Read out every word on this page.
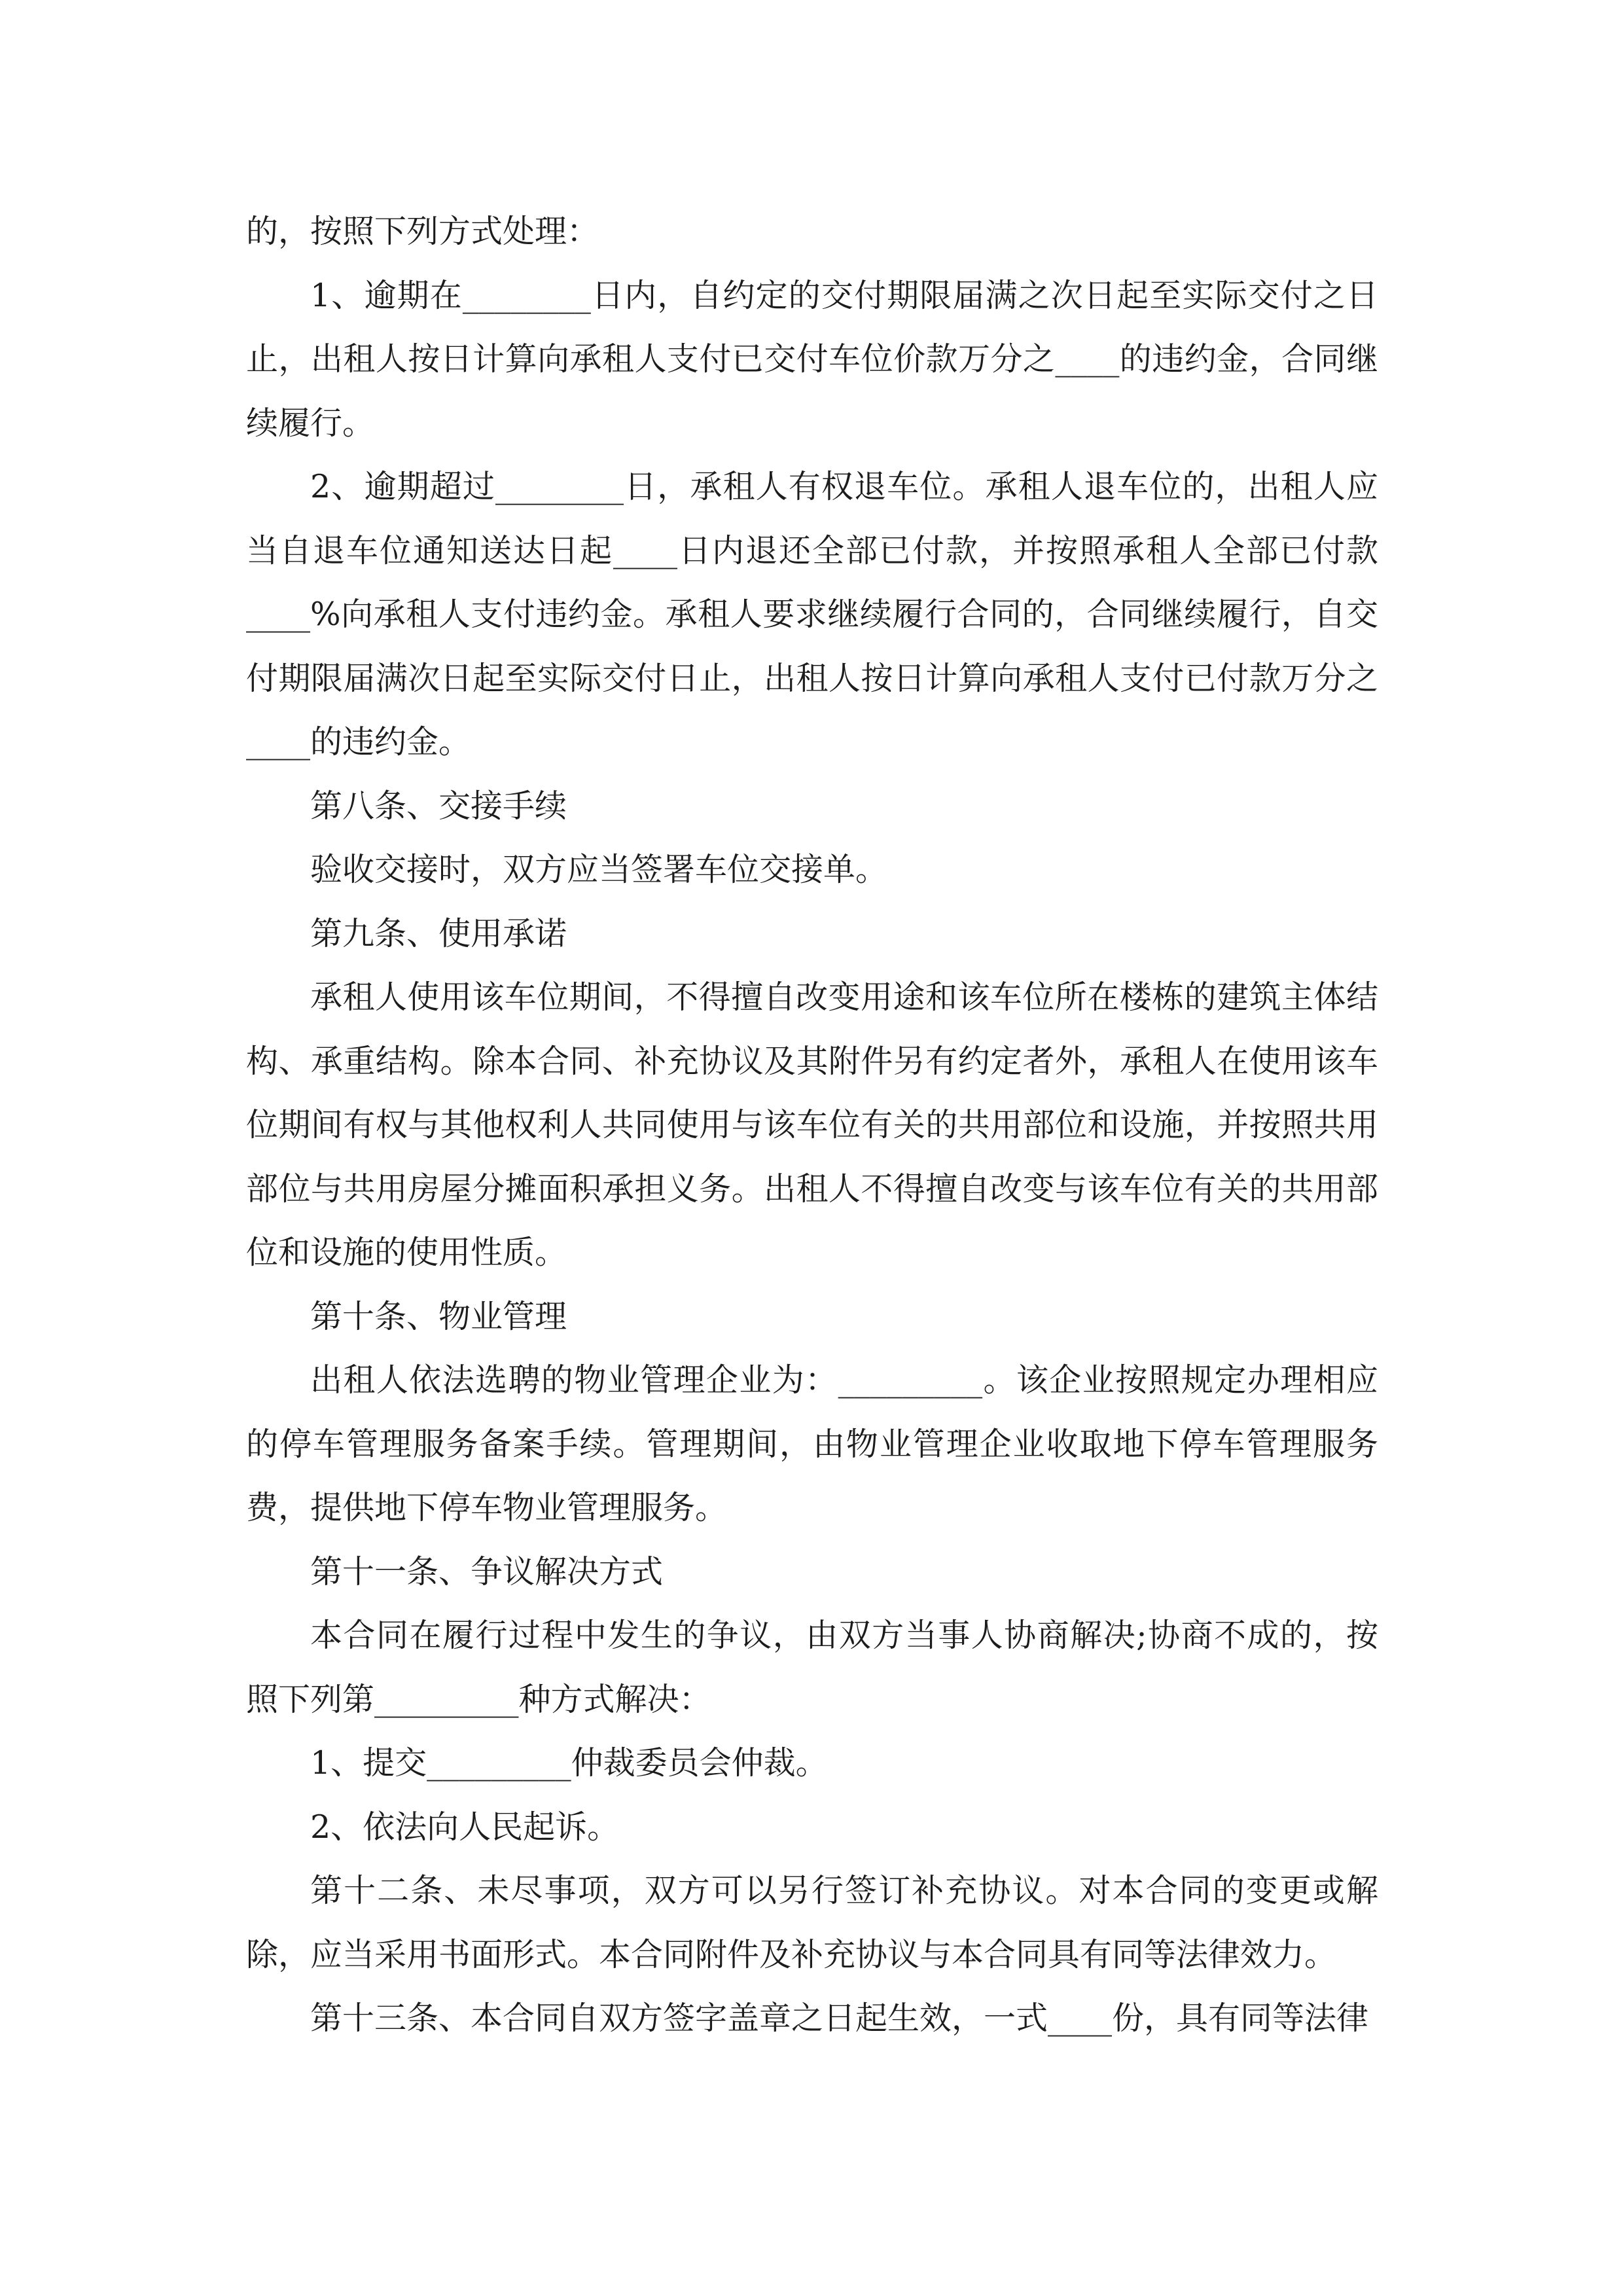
的，按照下列方式处理：

1、逾期在________日内，自约定的交付期限届满之次日起至实际交付之日止，出租人按日计算向承租人支付已交付车位价款万分之____的违约金，合同继续履行。

2、逾期超过________日，承租人有权退车位。承租人退车位的，出租人应当自退车位通知送达日起____日内退还全部已付款，并按照承租人全部已付款____%向承租人支付违约金。承租人要求继续履行合同的，合同继续履行，自交付期限届满次日起至实际交付日止，出租人按日计算向承租人支付已付款万分之____的违约金。

第八条、交接手续

验收交接时，双方应当签署车位交接单。

第九条、使用承诺

承租人使用该车位期间，不得擅自改变用途和该车位所在楼栋的建筑主体结构、承重结构。除本合同、补充协议及其附件另有约定者外，承租人在使用该车位期间有权与其他权利人共同使用与该车位有关的共用部位和设施，并按照共用部位与共用房屋分摊面积承担义务。出租人不得擅自改变与该车位有关的共用部位和设施的使用性质。

第十条、物业管理

出租人依法选聘的物业管理企业为：_________。该企业按照规定办理相应的停车管理服务备案手续。管理期间，由物业管理企业收取地下停车管理服务费，提供地下停车物业管理服务。

第十一条、争议解决方式

本合同在履行过程中发生的争议，由双方当事人协商解决;协商不成的，按照下列第_________种方式解决：

1、提交_________仲裁委员会仲裁。

2、依法向人民起诉。

第十二条、未尽事项，双方可以另行签订补充协议。对本合同的变更或解除，应当采用书面形式。本合同附件及补充协议与本合同具有同等法律效力。

第十三条、本合同自双方签字盖章之日起生效，一式____份，具有同等法律
